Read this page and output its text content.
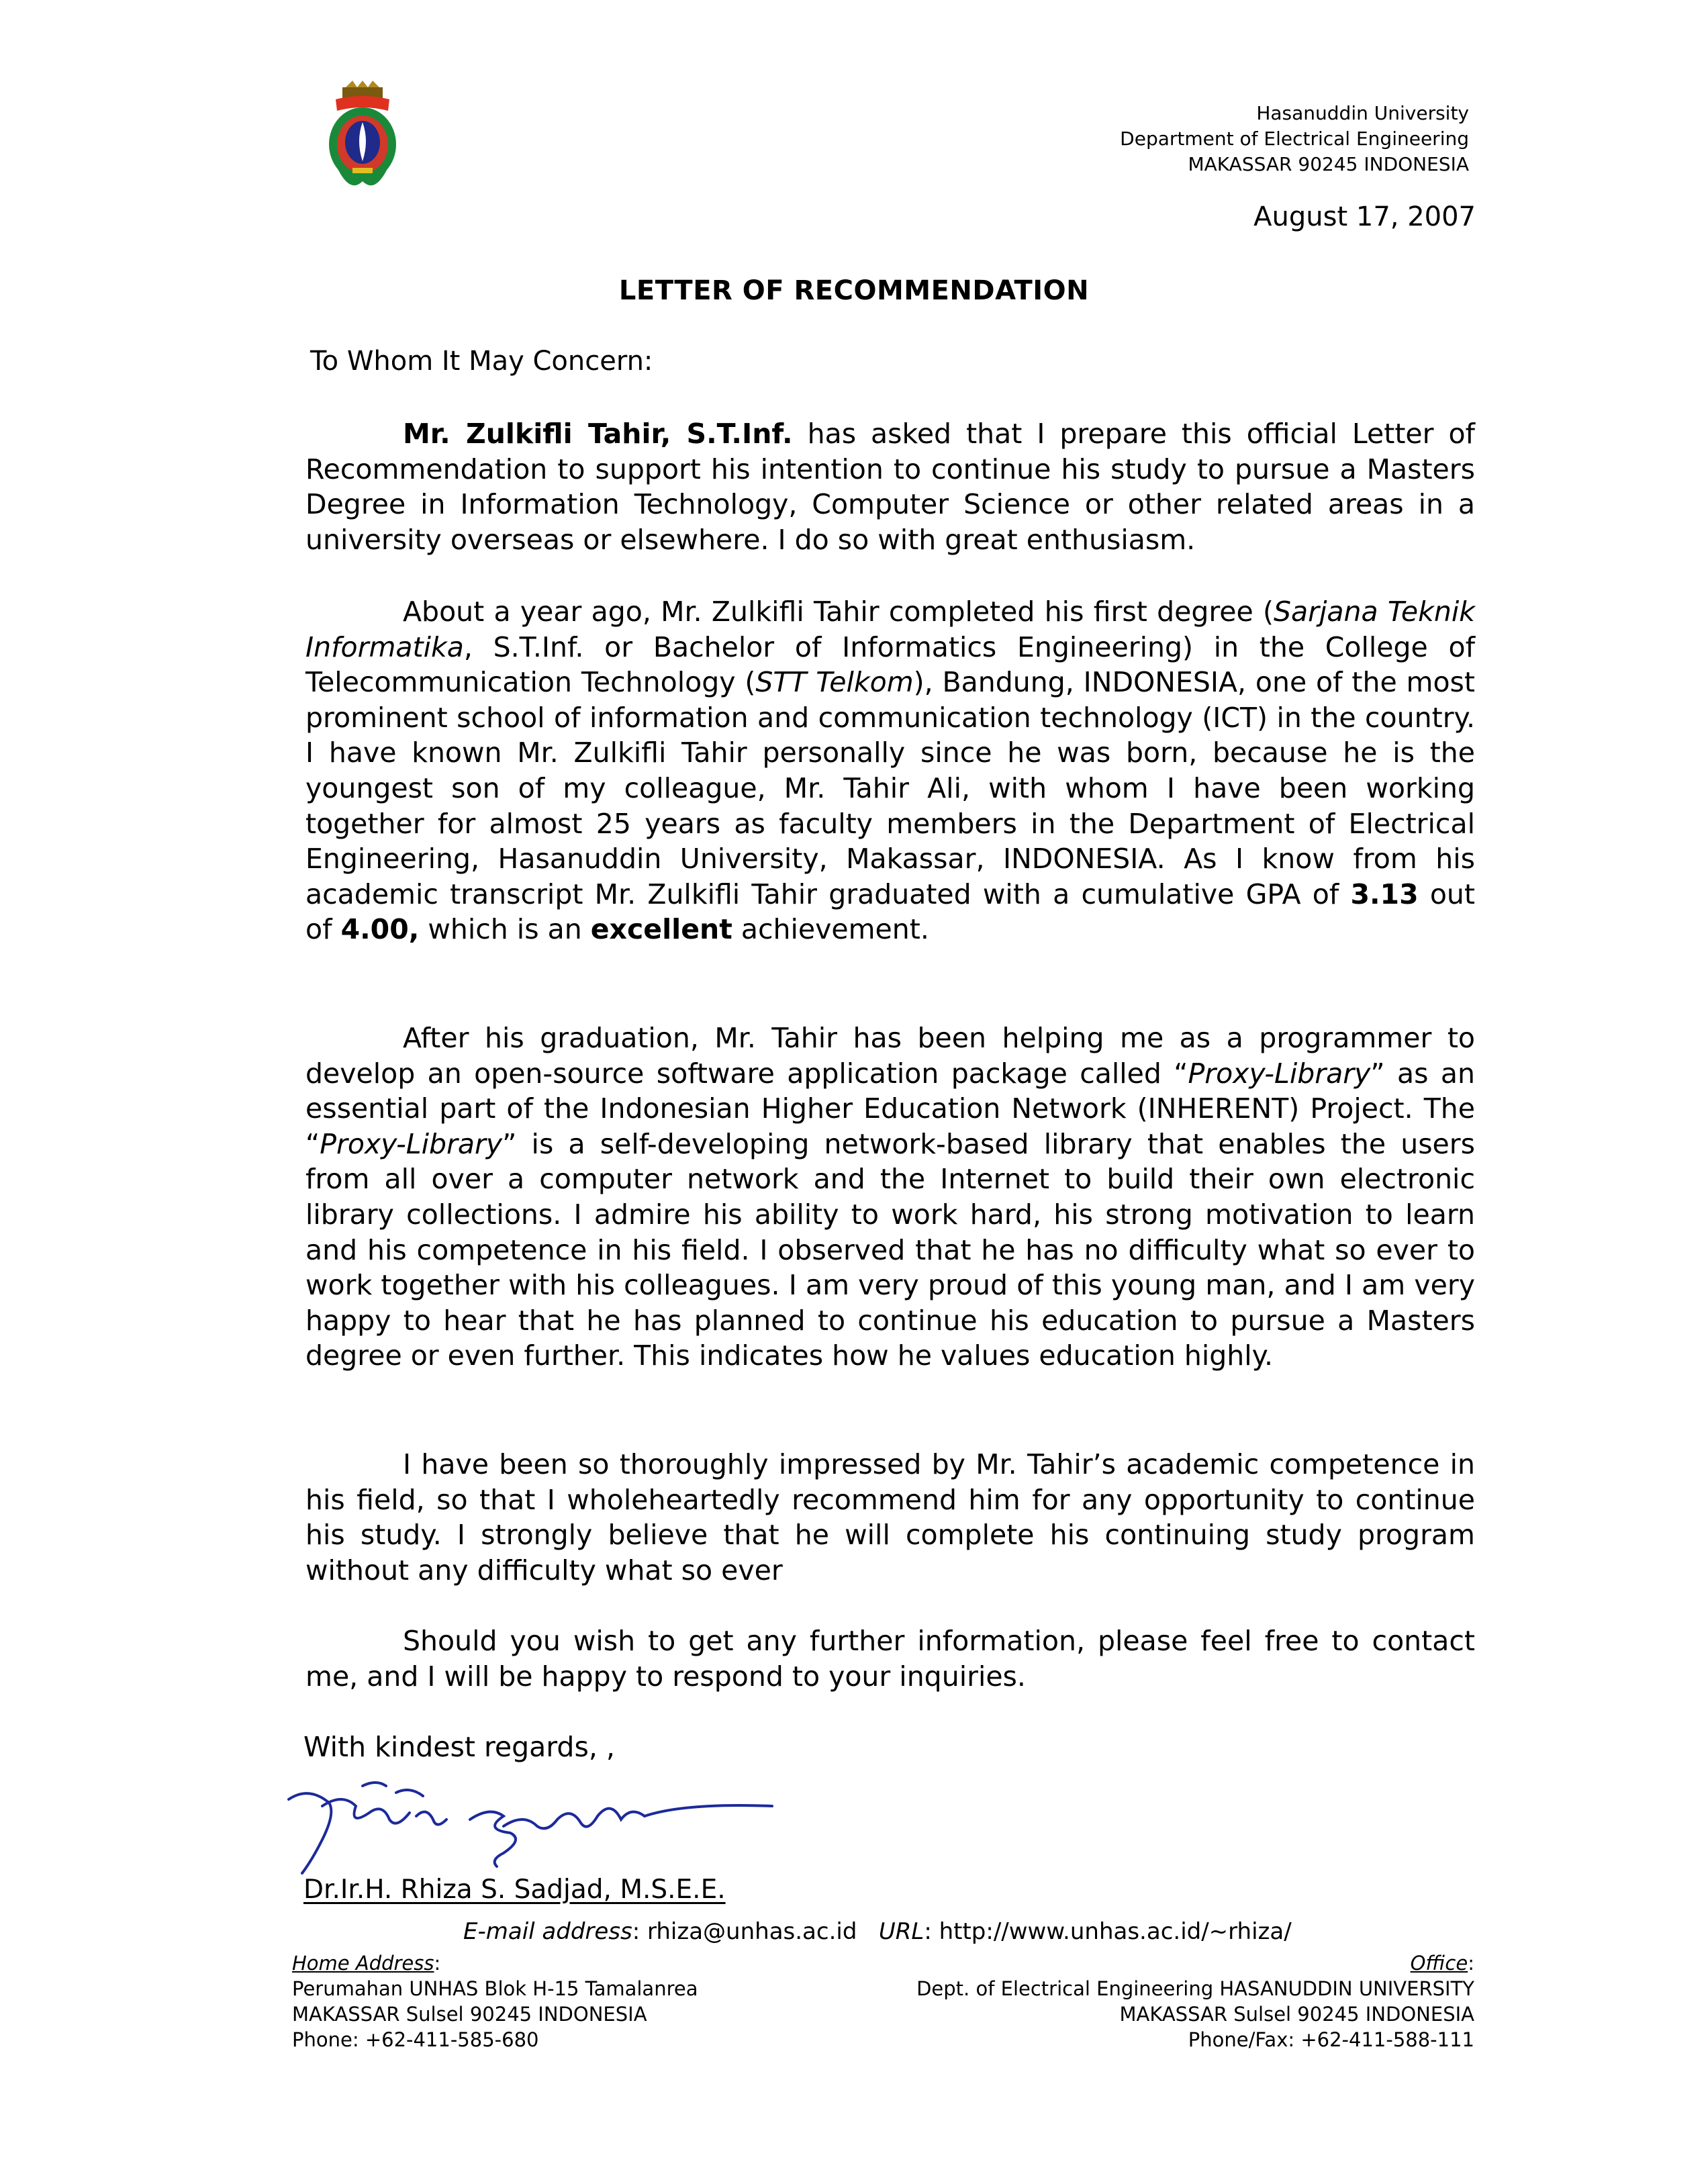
Hasanuddin University
Department of Electrical Engineering
MAKASSAR 90245 INDONESIA
August 17, 2007
LETTER OF RECOMMENDATION
To Whom It May Concern:
Mr. Zulkifli Tahir, S.T.Inf. has asked that I prepare this official Letter of Recommendation to support his intention to continue his study to pursue a Masters Degree in Information Technology, Computer Science or other related areas in a university overseas or elsewhere. I do so with great enthusiasm.
About a year ago, Mr. Zulkifli Tahir completed his first degree (Sarjana Teknik Informatika, S.T.Inf. or Bachelor of Informatics Engineering) in the College of Telecommunication Technology (STT Telkom), Bandung, INDONESIA, one of the most prominent school of information and communication technology (ICT) in the country. I have known Mr. Zulkifli Tahir personally since he was born, because he is the youngest son of my colleague, Mr. Tahir Ali, with whom I have been working together for almost 25 years as faculty members in the Department of Electrical Engineering, Hasanuddin University, Makassar, INDONESIA. As I know from his academic transcript Mr. Zulkifli Tahir graduated with a cumulative GPA of 3.13 out of 4.00, which is an excellent achievement.
After his graduation, Mr. Tahir has been helping me as a programmer to develop an open-source software application package called “Proxy-Library” as an essential part of the Indonesian Higher Education Network (INHERENT) Project. The “Proxy-Library” is a self-developing network-based library that enables the users from all over a computer network and the Internet to build their own electronic library collections. I admire his ability to work hard, his strong motivation to learn and his competence in his field. I observed that he has no difficulty what so ever to work together with his colleagues. I am very proud of this young man, and I am very happy to hear that he has planned to continue his education to pursue a Masters degree or even further. This indicates how he values education highly.
I have been so thoroughly impressed by Mr. Tahir’s academic competence in his field, so that I wholeheartedly recommend him for any opportunity to continue his study. I strongly believe that he will complete his continuing study program without any difficulty what so ever
Should you wish to get any further information, please feel free to contact me, and I will be happy to respond to your inquiries.
With kindest regards, ,
Dr.Ir.H. Rhiza S. Sadjad, M.S.E.E.
E-mail address: rhiza@unhas.ac.id URL: http://www.unhas.ac.id/~rhiza/
Home Address:
Perumahan UNHAS Blok H-15 Tamalanrea
MAKASSAR Sulsel 90245 INDONESIA
Phone: +62-411-585-680
Office:
Dept. of Electrical Engineering HASANUDDIN UNIVERSITY
MAKASSAR Sulsel 90245 INDONESIA
Phone/Fax: +62-411-588-111
